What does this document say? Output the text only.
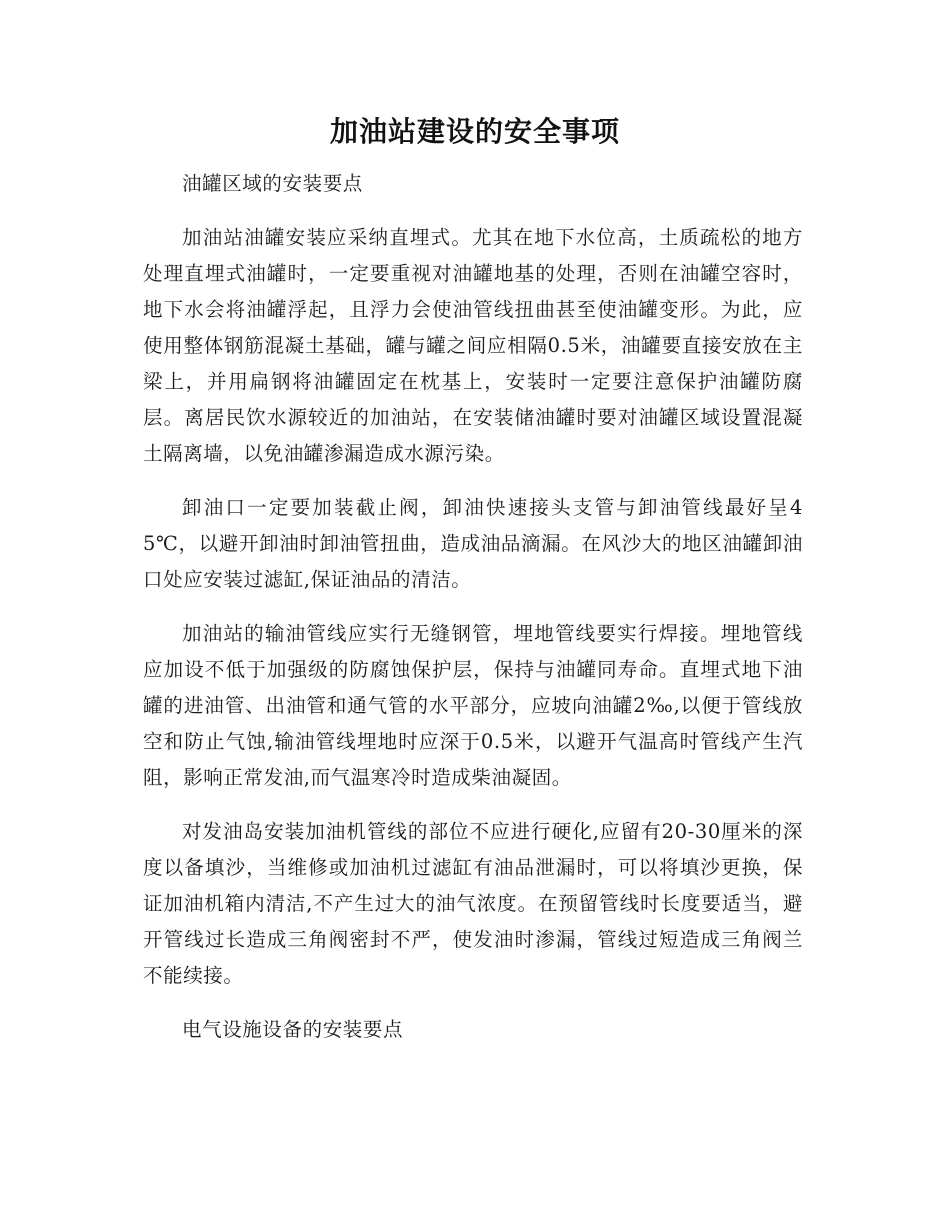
加油站建设的安全事项

油罐区域的安装要点

加油站油罐安装应采纳直埋式。尤其在地下水位高，土质疏松的地方处理直埋式油罐时，一定要重视对油罐地基的处理，否则在油罐空容时，地下水会将油罐浮起，且浮力会使油管线扭曲甚至使油罐变形。为此，应使用整体钢筋混凝土基础，罐与罐之间应相隔0.5米，油罐要直接安放在主梁上，并用扁钢将油罐固定在枕基上，安装时一定要注意保护油罐防腐层。离居民饮水源较近的加油站，在安装储油罐时要对油罐区域设置混凝土隔离墙，以免油罐渗漏造成水源污染。

卸油口一定要加装截止阀，卸油快速接头支管与卸油管线最好呈45℃，以避开卸油时卸油管扭曲，造成油品滴漏。在风沙大的地区油罐卸油口处应安装过滤缸,保证油品的清洁。

加油站的输油管线应实行无缝钢管，埋地管线要实行焊接。埋地管线应加设不低于加强级的防腐蚀保护层，保持与油罐同寿命。直埋式地下油罐的进油管、出油管和通气管的水平部分，应坡向油罐2‰,以便于管线放空和防止气蚀,输油管线埋地时应深于0.5米，以避开气温高时管线产生汽阻，影响正常发油,而气温寒冷时造成柴油凝固。

对发油岛安装加油机管线的部位不应进行硬化,应留有20-30厘米的深度以备填沙，当维修或加油机过滤缸有油品泄漏时，可以将填沙更换，保证加油机箱内清洁,不产生过大的油气浓度。在预留管线时长度要适当，避开管线过长造成三角阀密封不严，使发油时渗漏，管线过短造成三角阀兰不能续接。

电气设施设备的安装要点
